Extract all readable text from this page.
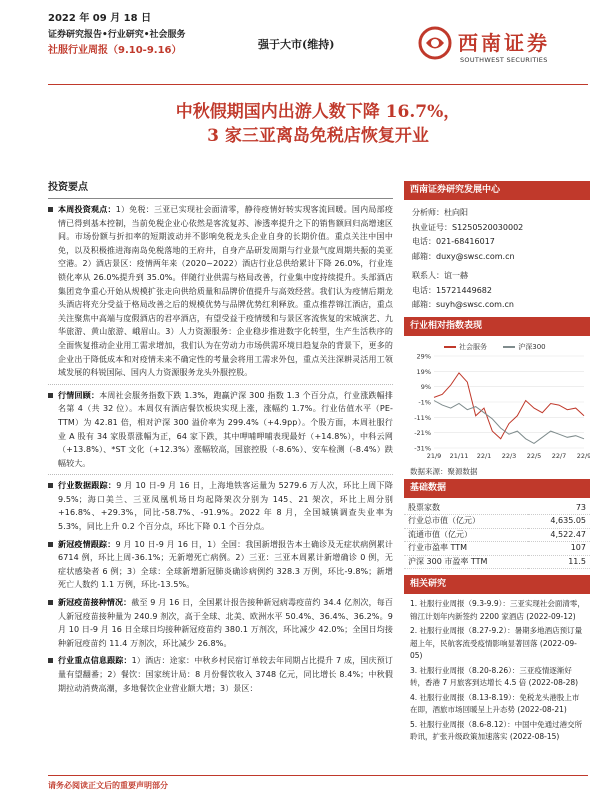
2022 年 09 月 18 日
证券研究报告•行业研究•社会服务
社服行业周报（9.10-9.16）	强于大市(维持)	西南证券
SOUTHWEST SECURITIES
中秋假期国内出游人数下降 16.7%，
3 家三亚离岛免税店恢复开业
投资要点

本周投资观点：1）免税：三亚已实现社会面清零，静待疫情好转实现客流回暖。国内局部疫情已得到基本控制，当前免税企业心依然是客流复苏、渗透率提升之下的销售额回归高增速区间。市场份额与折扣率的短期波动并不影响免税龙头企业自身的长期价值。重点关注中国中免，以及积极推进海南岛免税落地的王府井，自身产品研发周期与行业景气度周期共振的美亚空港。2）酒店景区：疫情两年来（2020~2022）酒店行业总供给累计下降 26.0%，行业连锁化率从 26.0%提升到 35.0%。伴随行业供需与格局改善，行业集中度持续提升。头部酒店集团竞争重心开始从规模扩张走向供给质量和品牌价值提升与高效经营。我们认为疫情后期龙头酒店将充分受益于格局改善之后的规模优势与品牌优势红利释放。重点推荐锦江酒店，重点关注聚焦中高端与度假酒店的君亭酒店，有望受益于疫情缓和与景区客流恢复的宋城演艺、九华旅游、黄山旅游、峨眉山。3）人力资源服务：企业稳步推进数字化转型，生产生活秩序的全面恢复推动企业用工需求增加，我们认为在劳动力市场供需环境日趋复杂的背景下，更多的企业出于降低成本和对疫情未来不确定性的考量会将用工需求外包，重点关注深耕灵活用工领域发展的科锐国际、国内人力资源服务龙头外服控股。

行情回顾：本周社会服务指数下跌 1.3%，跑赢沪深 300 指数 1.3 个百分点，行业涨跌幅排名第 4（共 32 位）。本周仅有酒店餐饮板块实现上涨，涨幅约 1.7%。行业估值水平（PE-TTM）为 42.81 倍，相对沪深 300 溢价率为 299.4%（+4.9pp）。个股方面，本周社服行业 A 股有 34 家股票涨幅为正，64 家下跌，其中呷哺呷哺表现最好（+14.8%），中科云网（+13.8%）、*ST 文化（+12.3%）涨幅较高，国旅控股（-8.6%）、安车检测（-8.4%）跌幅较大。

行业数据跟踪：9 月 10 日-9 月 16 日，上海地铁客运量为 5279.6 万人次，环比上周下降 9.5%；海口美兰、三亚凤凰机场日均起降架次分别为 145、21 架次，环比上周分别+16.8%、+29.3%，同比-58.7%、-91.9%。2022 年 8 月，全国城镇调查失业率为 5.3%，同比上升 0.2 个百分点，环比下降 0.1 个百分点。

新冠疫情跟踪：9 月 10 日-9 月 16 日，1）全国：我国新增报告本土确诊及无症状病例累计 6714 例，环比上周-36.1%；无新增死亡病例。2）三亚：三亚本周累计新增确诊 0 例，无症状感染者 6 例；3）全球：全球新增新冠肺炎确诊病例约 328.3 万例，环比-9.8%；新增死亡人数约 1.1 万例，环比-13.5%。

新冠疫苗接种情况：截至 9 月 16 日，全国累计报告接种新冠病毒疫苗约 34.4 亿剂次，每百人新冠疫苗接种量为 240.9 剂次，高于全球、北美、欧洲水平 50.4%、36.4%、36.2%。9 月 10 日-9 月 16 日全球日均接种新冠疫苗约 380.1 万剂次，环比减少 42.0%；全国日均接种新冠疫苗约 11.4 万剂次，环比减少 26.8%。

行业重点信息跟踪：1）酒店：途家：中秋乡村民宿订单较去年同期占比提升 7 成，国庆预订量有望翻番；2）餐饮：国家统计局：8 月份餐饮收入 3748 亿元，同比增长 8.4%；中秋假期拉动消费高潮，多地餐饮企业营业额大增；3）景区：

西南证券研究发展中心
分析师：杜向阳
执业证号：S1250520030002
电话：021-68416017
邮箱：duxy@swsc.com.cn
联系人：谊一赫
电话：15721449682
邮箱：suyh@swsc.com.cn
行业相对指数表现
社会服务	沪深300
29%
19%
9%
-1%
-11%
-21%
-31%
21/9 21/11 22/1 22/3 22/5 22/7 22/9
数据来源：聚源数据
基础数据
股票家数	73
行业总市值（亿元）	4,635.05
流通市值（亿元）	4,522.47
行业市盈率 TTM	107
沪深 300 市盈率 TTM	11.5
相关研究
1. 社服行业周报（9.3-9.9）：三亚实现社会面清零，锦江计划年内新签约 2200 家酒店 (2022-09-12)
2. 社服行业周报（8.27-9.2）：暑期多地酒店预订量超上年，民航客流受疫情影响显著回落 (2022-09-05)
3. 社服行业周报（8.20-8.26）：三亚疫情逐渐好转，香港 7 月旅客到达增长 4.5 倍 (2022-08-28)
4. 社服行业周报（8.13-8.19）：免税龙头港股上市在即，酒旅市场回暖呈上升态势 (2022-08-21)
5. 社服行业周报（8.6-8.12）：中国中免通过港交所聆讯，扩张升级政策加速落实 (2022-08-15)
请务必阅读正文后的重要声明部分
